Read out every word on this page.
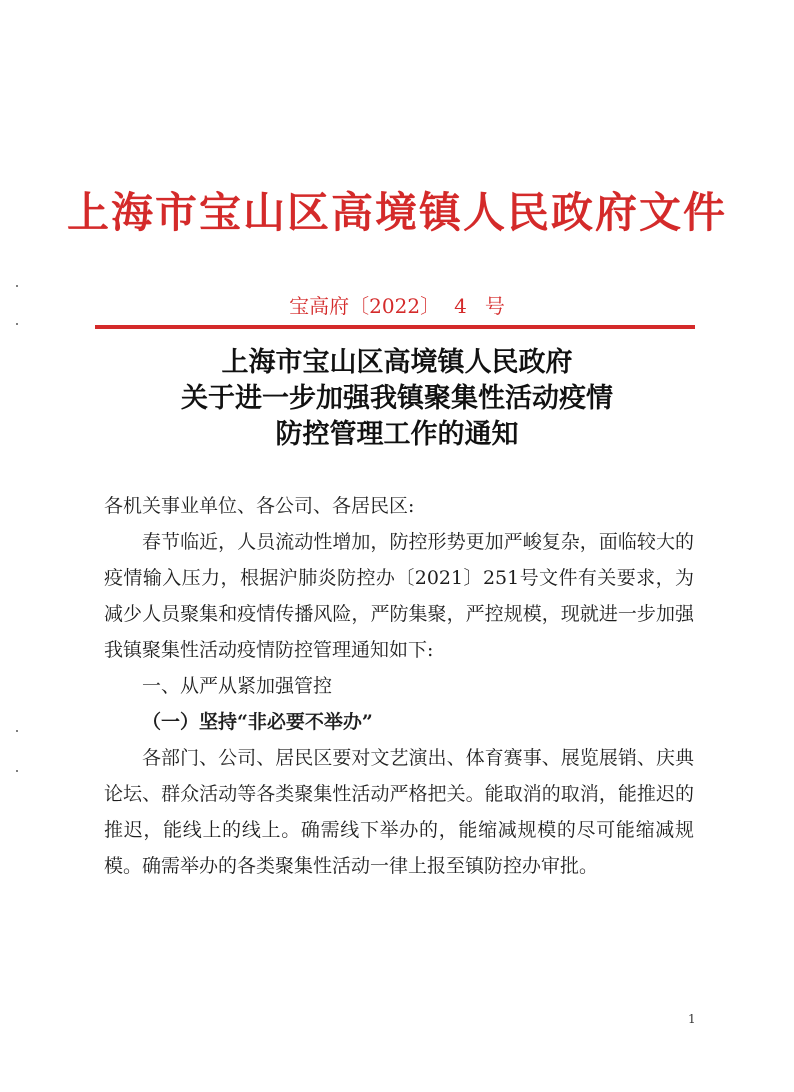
上海市宝山区高境镇人民政府文件
宝高府〔2022〕 4 号
上海市宝山区高境镇人民政府
关于进一步加强我镇聚集性活动疫情
防控管理工作的通知

各机关事业单位、各公司、各居民区:

春节临近，人员流动性增加，防控形势更加严峻复杂，面临较大的疫情输入压力，根据沪肺炎防控办〔2021〕251号文件有关要求，为减少人员聚集和疫情传播风险，严防集聚，严控规模，现就进一步加强我镇聚集性活动疫情防控管理通知如下:

一、从严从紧加强管控

（一）坚持“非必要不举办”

各部门、公司、居民区要对文艺演出、体育赛事、展览展销、庆典论坛、群众活动等各类聚集性活动严格把关。能取消的取消，能推迟的推迟，能线上的线上。确需线下举办的，能缩减规模的尽可能缩减规模。确需举办的各类聚集性活动一律上报至镇防控办审批。

1
